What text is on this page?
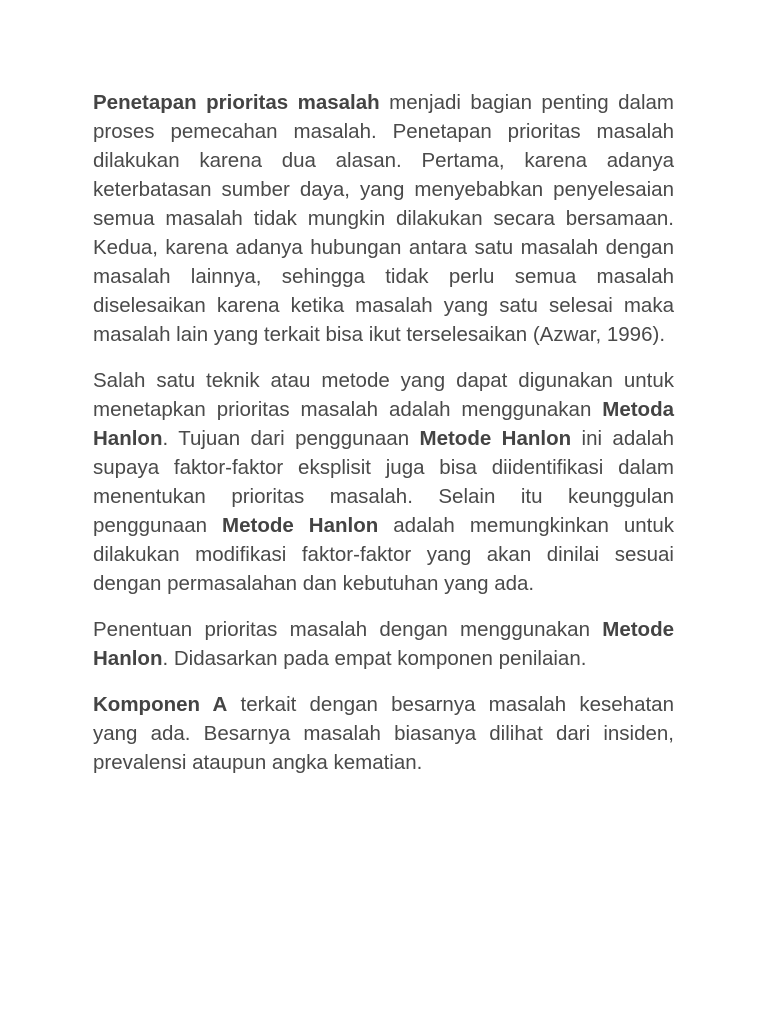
Penetapan prioritas masalah menjadi bagian penting dalam proses pemecahan masalah. Penetapan prioritas masalah dilakukan karena dua alasan. Pertama, karena adanya keterbatasan sumber daya, yang menyebabkan penyelesaian semua masalah tidak mungkin dilakukan secara bersamaan. Kedua, karena adanya hubungan antara satu masalah dengan masalah lainnya, sehingga tidak perlu semua masalah diselesaikan karena ketika masalah yang satu selesai maka masalah lain yang terkait bisa ikut terselesaikan (Azwar, 1996).

Salah satu teknik atau metode yang dapat digunakan untuk menetapkan prioritas masalah adalah menggunakan Metoda Hanlon. Tujuan dari penggunaan Metode Hanlon ini adalah supaya faktor-faktor eksplisit juga bisa diidentifikasi dalam menentukan prioritas masalah. Selain itu keunggulan penggunaan Metode Hanlon adalah memungkinkan untuk dilakukan modifikasi faktor-faktor yang akan dinilai sesuai dengan permasalahan dan kebutuhan yang ada.

Penentuan prioritas masalah dengan menggunakan Metode Hanlon. Didasarkan pada empat komponen penilaian.

Komponen A terkait dengan besarnya masalah kesehatan yang ada. Besarnya masalah biasanya dilihat dari insiden, prevalensi ataupun angka kematian.
